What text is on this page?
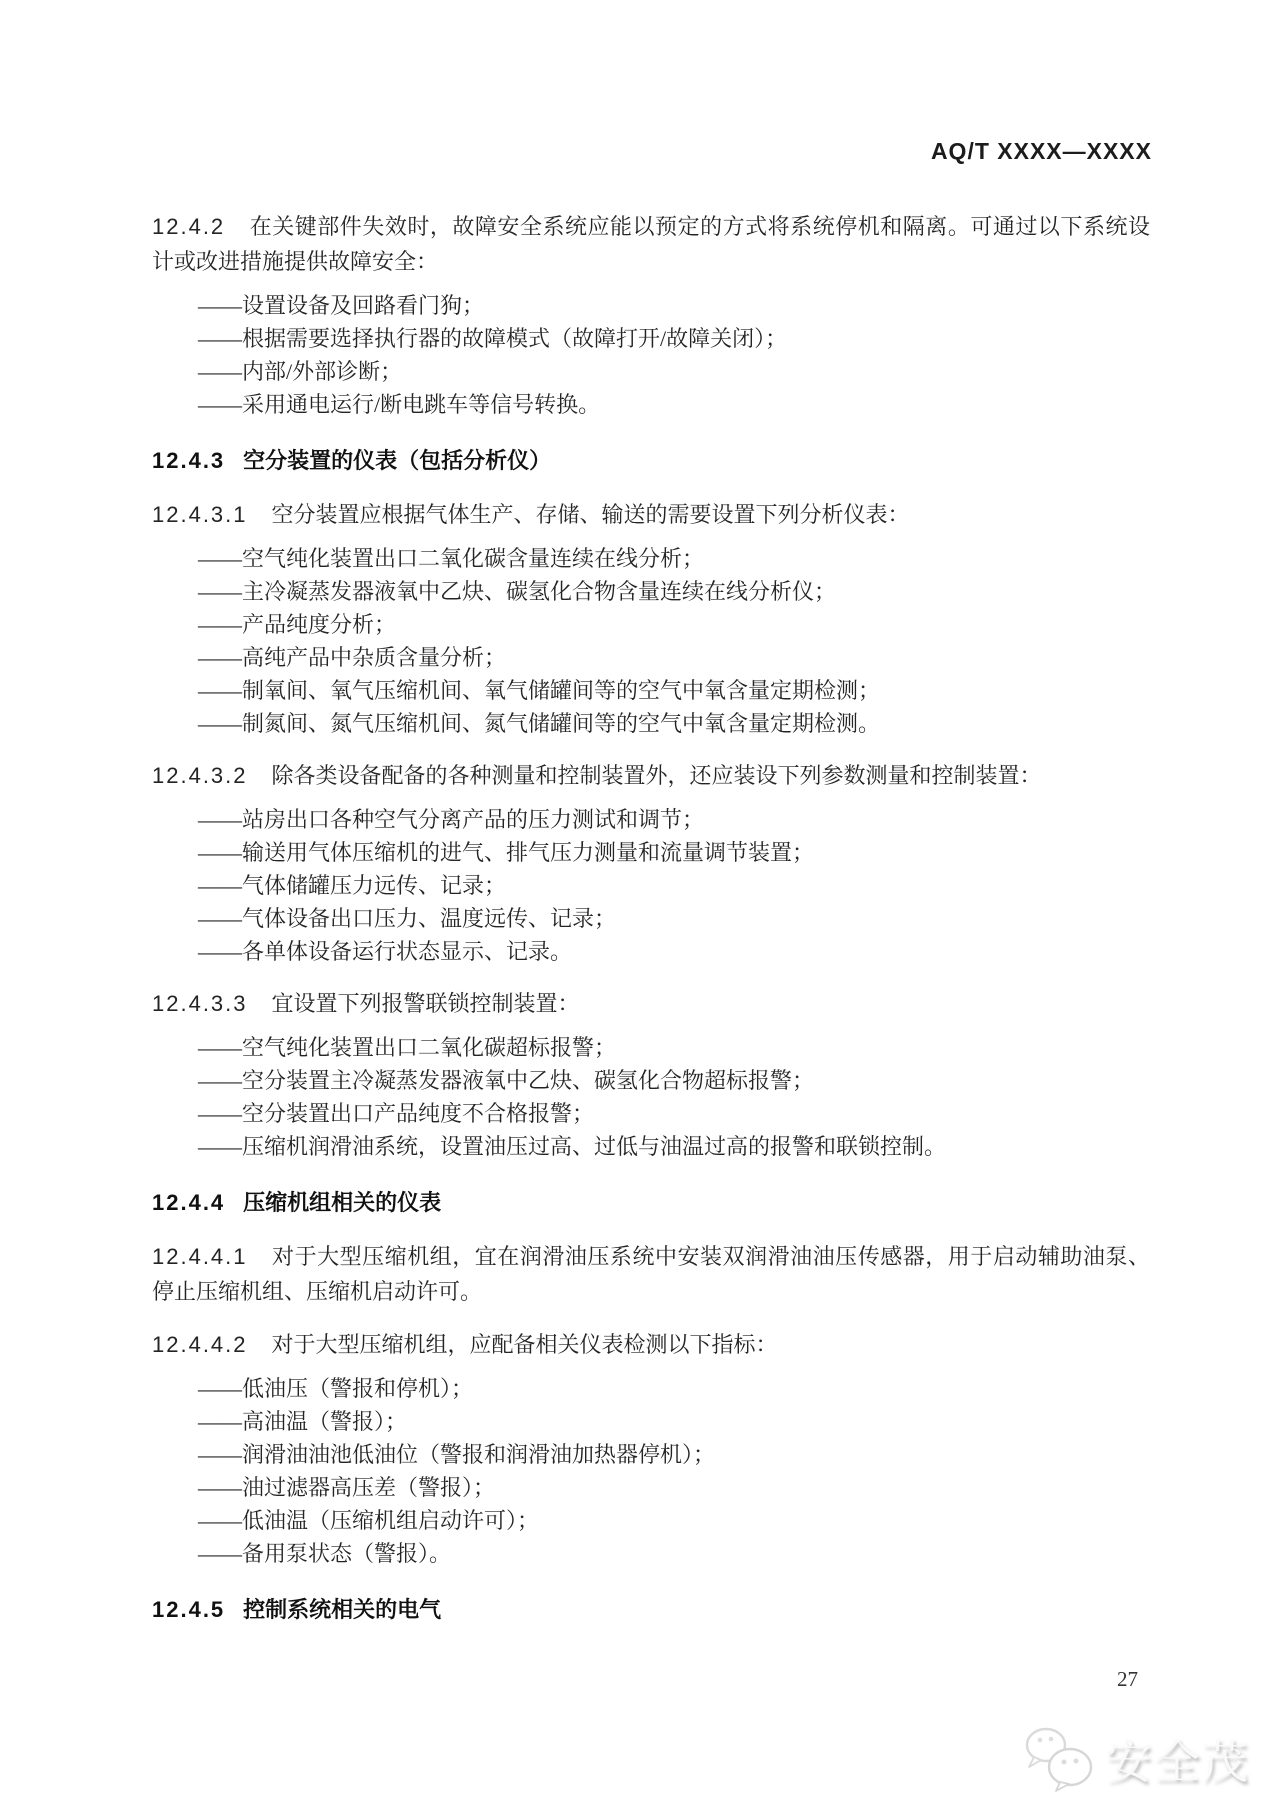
AQ/T XXXX—XXXX

12.4.2 在关键部件失效时，故障安全系统应能以预定的方式将系统停机和隔离。可通过以下系统设计或改进措施提供故障安全：

——设置设备及回路看门狗；
——根据需要选择执行器的故障模式（故障打开/故障关闭）；
——内部/外部诊断；
——采用通电运行/断电跳车等信号转换。
12.4.3 空分装置的仪表（包括分析仪）

12.4.3.1 空分装置应根据气体生产、存储、输送的需要设置下列分析仪表：

——空气纯化装置出口二氧化碳含量连续在线分析；
——主冷凝蒸发器液氧中乙炔、碳氢化合物含量连续在线分析仪；
——产品纯度分析；
——高纯产品中杂质含量分析；
——制氧间、氧气压缩机间、氧气储罐间等的空气中氧含量定期检测；
——制氮间、氮气压缩机间、氮气储罐间等的空气中氧含量定期检测。

12.4.3.2 除各类设备配备的各种测量和控制装置外，还应装设下列参数测量和控制装置：

——站房出口各种空气分离产品的压力测试和调节；
——输送用气体压缩机的进气、排气压力测量和流量调节装置；
——气体储罐压力远传、记录；
——气体设备出口压力、温度远传、记录；
——各单体设备运行状态显示、记录。

12.4.3.3 宜设置下列报警联锁控制装置：

——空气纯化装置出口二氧化碳超标报警；
——空分装置主冷凝蒸发器液氧中乙炔、碳氢化合物超标报警；
——空分装置出口产品纯度不合格报警；
——压缩机润滑油系统，设置油压过高、过低与油温过高的报警和联锁控制。
12.4.4 压缩机组相关的仪表

12.4.4.1 对于大型压缩机组，宜在润滑油压系统中安装双润滑油油压传感器，用于启动辅助油泵、停止压缩机组、压缩机启动许可。

12.4.4.2 对于大型压缩机组，应配备相关仪表检测以下指标：

——低油压（警报和停机）；
——高油温（警报）；
——润滑油油池低油位（警报和润滑油加热器停机）；
——油过滤器高压差（警报）；
——低油温（压缩机组启动许可）；
——备用泵状态（警报）。
12.4.5 控制系统相关的电气
27
安全茂
